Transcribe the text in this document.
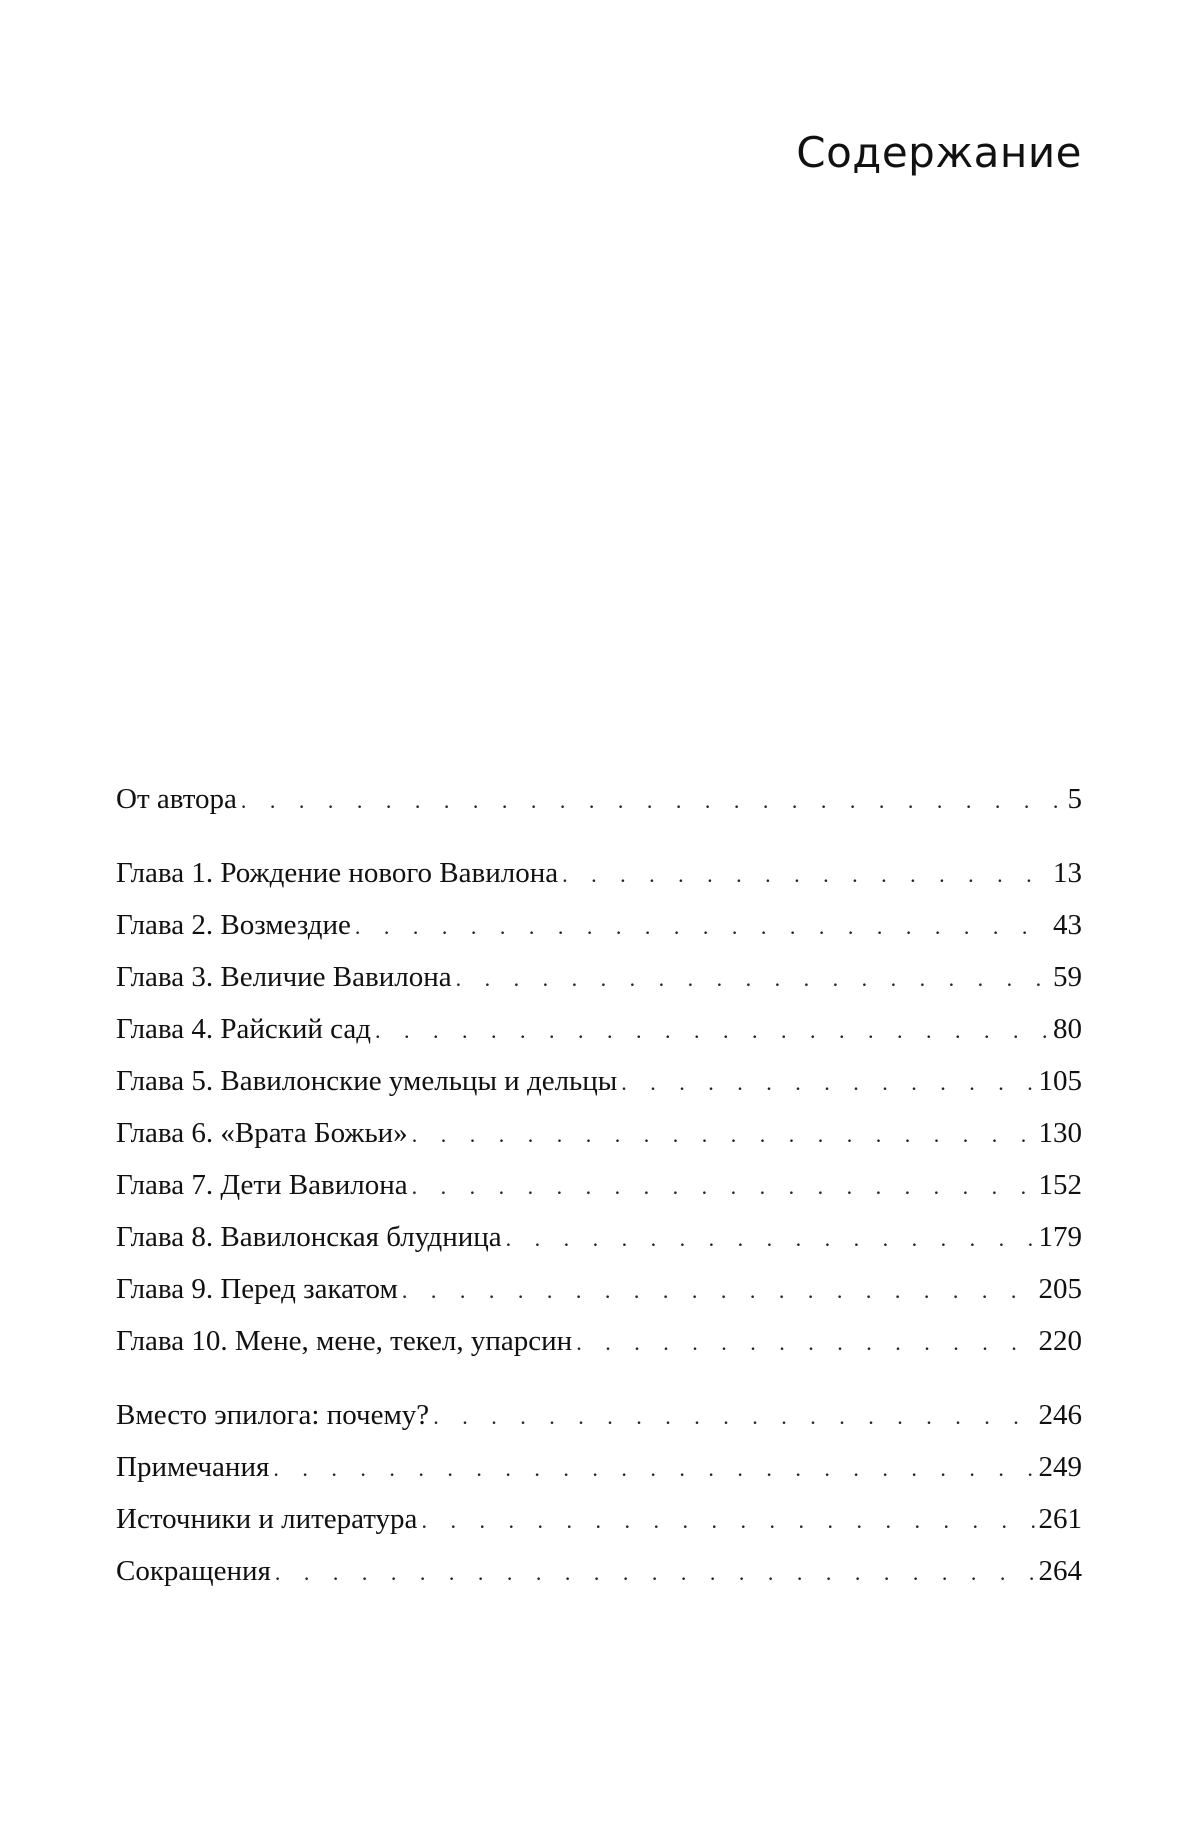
Содержание
От автора . . .	5
Глава 1. Рождение нового Вавилона . . .	13
Глава 2. Возмездие . . .	43
Глава 3. Величие Вавилона . . .	59
Глава 4. Райский сад . . .	80
Глава 5. Вавилонские умельцы и дельцы . . .	105
Глава 6. «Врата Божьи» . . .	130
Глава 7. Дети Вавилона . . .	152
Глава 8. Вавилонская блудница . . .	179
Глава 9. Перед закатом . . .	205
Глава 10. Мене, мене, текел, упарсин . . .	220
Вместо эпилога: почему? . . .	246
Примечания . . .	249
Источники и литература . . .	261
Сокращения . . .	264
